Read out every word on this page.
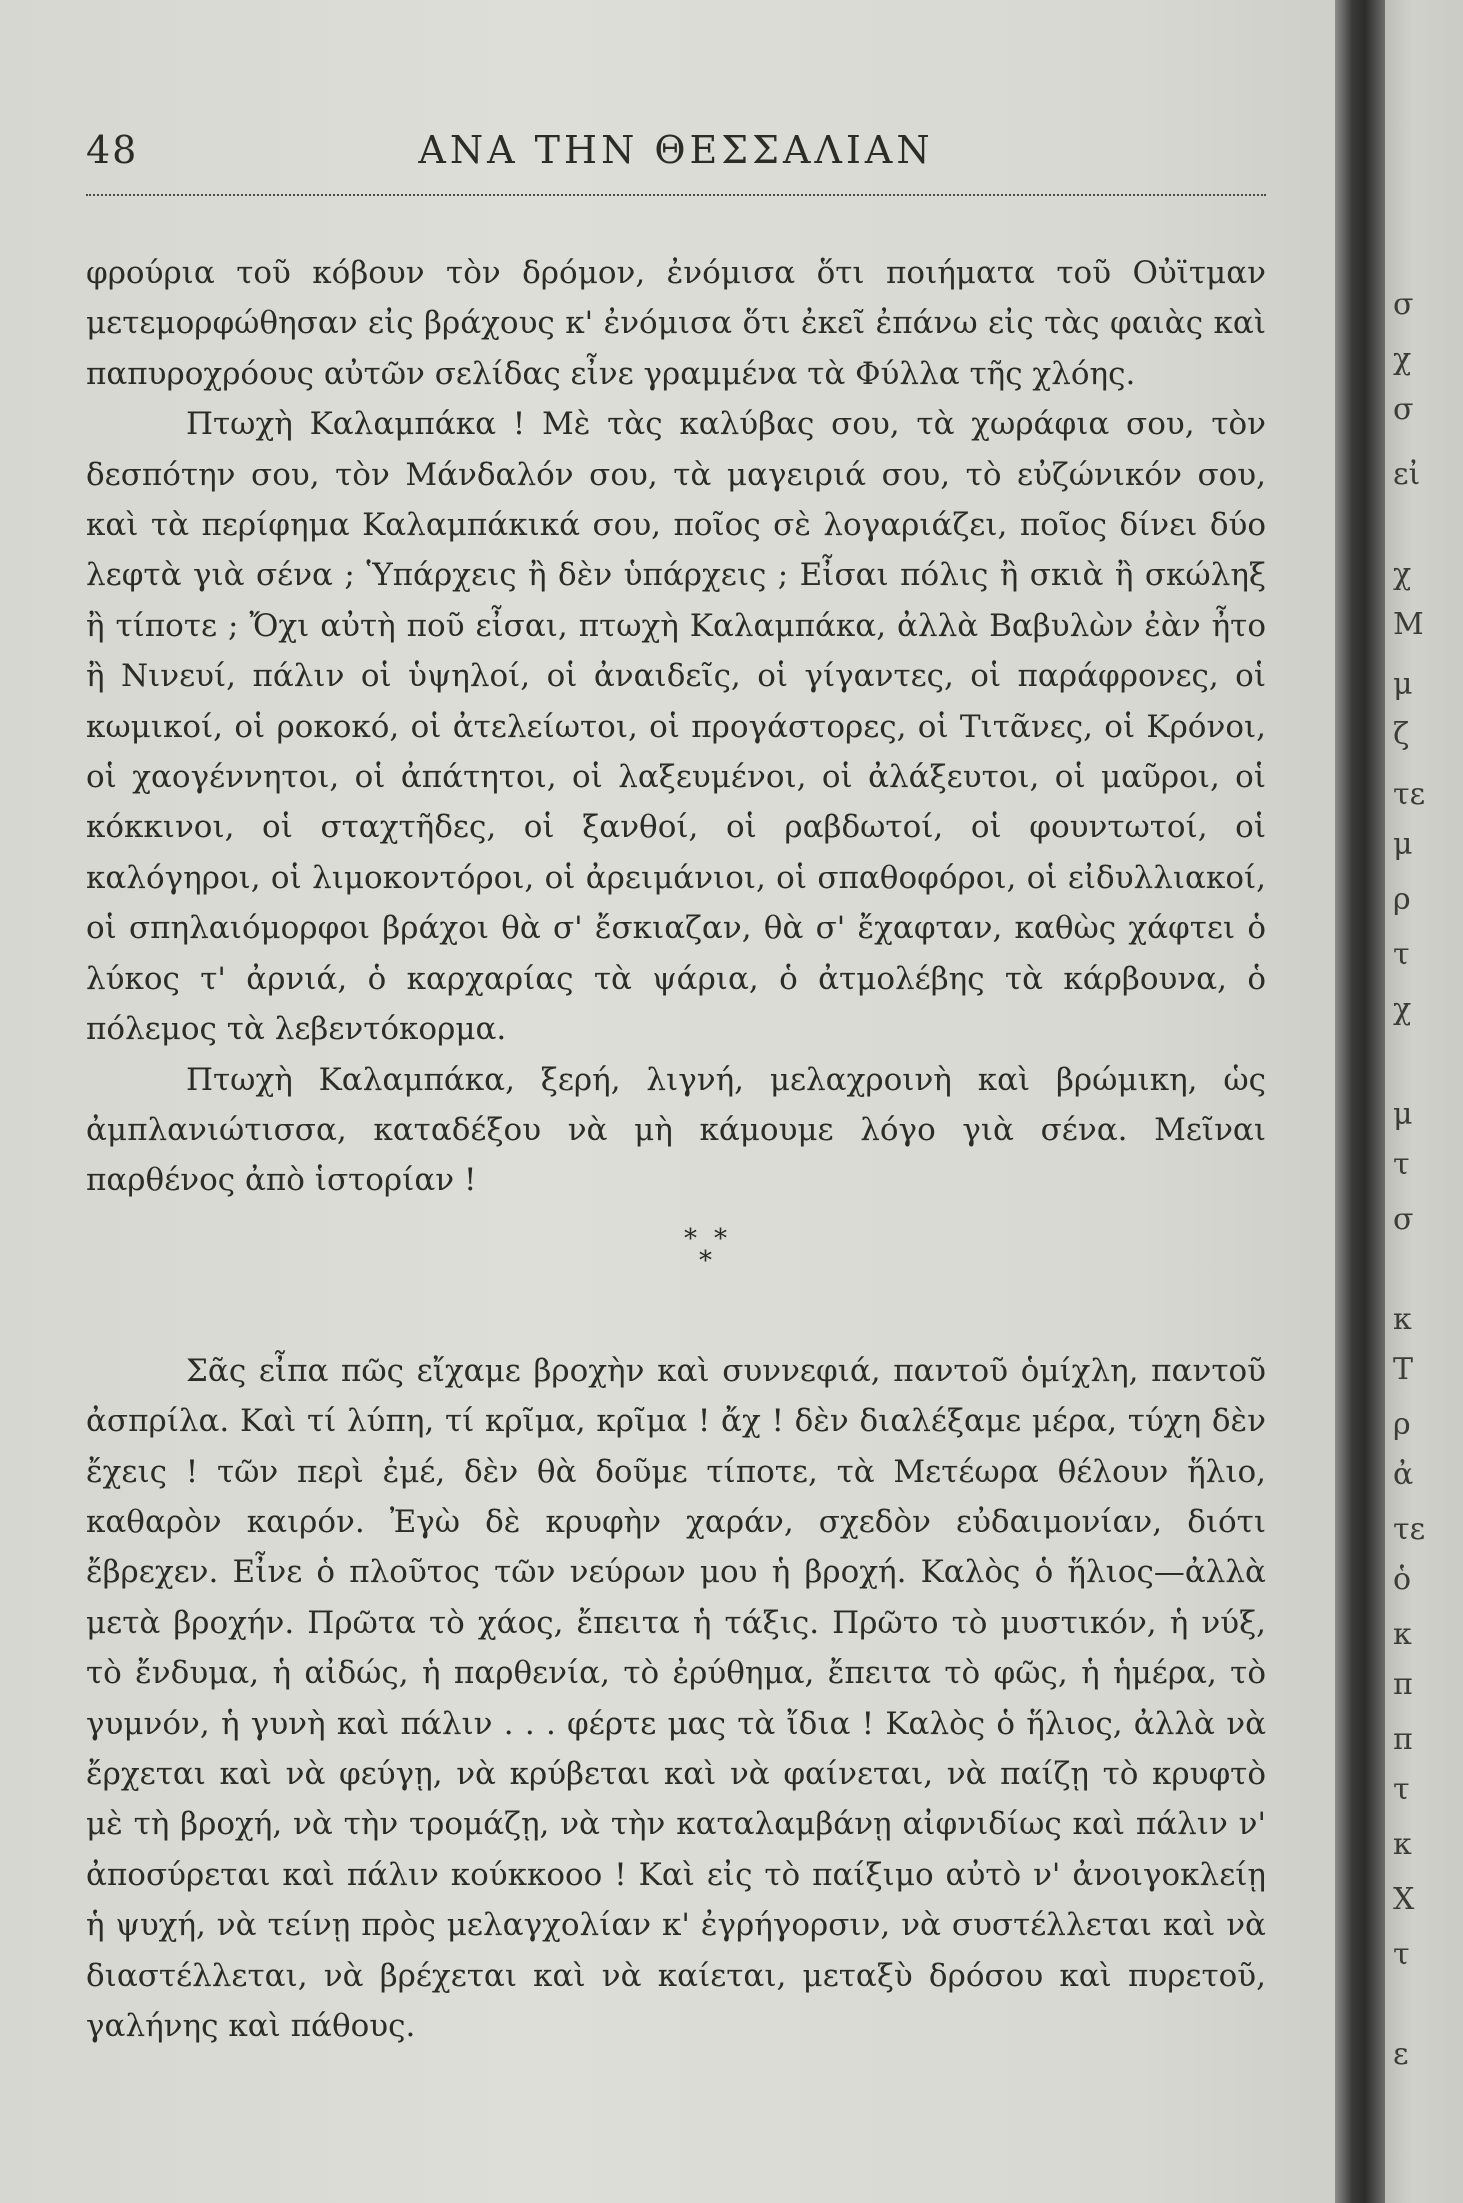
σ
χ
σ
εἰ
χ
Μ
μ
ζ
τε
μ
ρ
τ
χ
μ
τ
σ
κ
Τ
ρ
ἀ
τε
ὁ
κ
π
π
τ
κ
Χ
τ
ε
48	ΑΝΑ ΤΗΝ ΘΕΣΣΑΛΙΑΝ

φρούρια τοῦ κόβουν τὸν δρόμον, ἐνόμισα ὅτι ποιήματα τοῦ Οὐϊτμαν μετεμορφώθησαν εἰς βράχους κ' ἐνόμισα ὅτι ἐκεῖ ἐπάνω εἰς τὰς φαιὰς καὶ παπυροχρόους αὐτῶν σελίδας εἶνε γραμμένα τὰ Φύλλα τῆς χλόης.

Πτωχὴ Καλαμπάκα ! Μὲ τὰς καλύβας σου, τὰ χωράφια σου, τὸν δεσπότην σου, τὸν Μάνδαλόν σου, τὰ μαγειριά σου, τὸ εὐζώνικόν σου, καὶ τὰ περίφημα Καλαμπάκικά σου, ποῖος σὲ λογαριάζει, ποῖος δίνει δύο λεφτὰ γιὰ σένα ; Ὑπάρχεις ἢ δὲν ὑπάρχεις ; Εἶσαι πόλις ἢ σκιὰ ἢ σκώληξ ἢ τίποτε ; Ὄχι αὐτὴ ποῦ εἶσαι, πτωχὴ Καλαμπάκα, ἀλλὰ Βαβυλὼν ἐὰν ἦτο ἢ Νινευί, πάλιν οἱ ὑψηλοί, οἱ ἀναιδεῖς, οἱ γίγαντες, οἱ παράφρονες, οἱ κωμικοί, οἱ ροκοκό, οἱ ἀτελείωτοι, οἱ προγάστορες, οἱ Τιτᾶνες, οἱ Κρόνοι, οἱ χαογέννητοι, οἱ ἀπάτητοι, οἱ λαξευμένοι, οἱ ἀλάξευτοι, οἱ μαῦροι, οἱ κόκκινοι, οἱ σταχτῆδες, οἱ ξανθοί, οἱ ραβδωτοί, οἱ φουντωτοί, οἱ καλόγηροι, οἱ λιμοκοντόροι, οἱ ἀρειμάνιοι, οἱ σπαθοφόροι, οἱ εἰδυλλιακοί, οἱ σπηλαιόμορφοι βράχοι θὰ σ' ἔσκιαζαν, θὰ σ' ἔχαφταν, καθὼς χάφτει ὁ λύκος τ' ἀρνιά, ὁ καρχαρίας τὰ ψάρια, ὁ ἀτμολέβης τὰ κάρβουνα, ὁ πόλεμος τὰ λεβεντόκορμα.

Πτωχὴ Καλαμπάκα, ξερή, λιγνή, μελαχροινὴ καὶ βρώμικη, ὡς ἀμπλανιώτισσα, καταδέξου νὰ μὴ κάμουμε λόγο γιὰ σένα. Μεῖναι παρθένος ἀπὸ ἱστορίαν !

* *
*

Σᾶς εἶπα πῶς εἴχαμε βροχὴν καὶ συννεφιά, παντοῦ ὁμίχλη, παντοῦ ἀσπρίλα. Καὶ τί λύπη, τί κρῖμα, κρῖμα ! ἄχ ! δὲν διαλέξαμε μέρα, τύχη δὲν ἔχεις ! τῶν περὶ ἐμέ, δὲν θὰ δοῦμε τίποτε, τὰ Μετέωρα θέλουν ἥλιο, καθαρὸν καιρόν. Ἐγὼ δὲ κρυφὴν χαράν, σχεδὸν εὐδαιμονίαν, διότι ἔβρεχεν. Εἶνε ὁ πλοῦτος τῶν νεύρων μου ἡ βροχή. Καλὸς ὁ ἥλιος—ἀλλὰ μετὰ βροχήν. Πρῶτα τὸ χάος, ἔπειτα ἡ τάξις. Πρῶτο τὸ μυστικόν, ἡ νύξ, τὸ ἔνδυμα, ἡ αἰδώς, ἡ παρθενία, τὸ ἐρύθημα, ἔπειτα τὸ φῶς, ἡ ἡμέρα, τὸ γυμνόν, ἡ γυνὴ καὶ πάλιν . . . φέρτε μας τὰ ἴδια ! Καλὸς ὁ ἥλιος, ἀλλὰ νὰ ἔρχεται καὶ νὰ φεύγῃ, νὰ κρύβεται καὶ νὰ φαίνεται, νὰ παίζῃ τὸ κρυφτὸ μὲ τὴ βροχή, νὰ τὴν τρομάζῃ, νὰ τὴν καταλαμβάνῃ αἰφνιδίως καὶ πάλιν ν' ἀποσύρεται καὶ πάλιν κούκκοοο ! Καὶ εἰς τὸ παίξιμο αὐτὸ ν' ἀνοιγοκλείῃ ἡ ψυχή, νὰ τείνῃ πρὸς μελαγχολίαν κ' ἐγρήγορσιν, νὰ συστέλλεται καὶ νὰ διαστέλλεται, νὰ βρέχεται καὶ νὰ καίεται, μεταξὺ δρόσου καὶ πυρετοῦ, γαλήνης καὶ πάθους.
